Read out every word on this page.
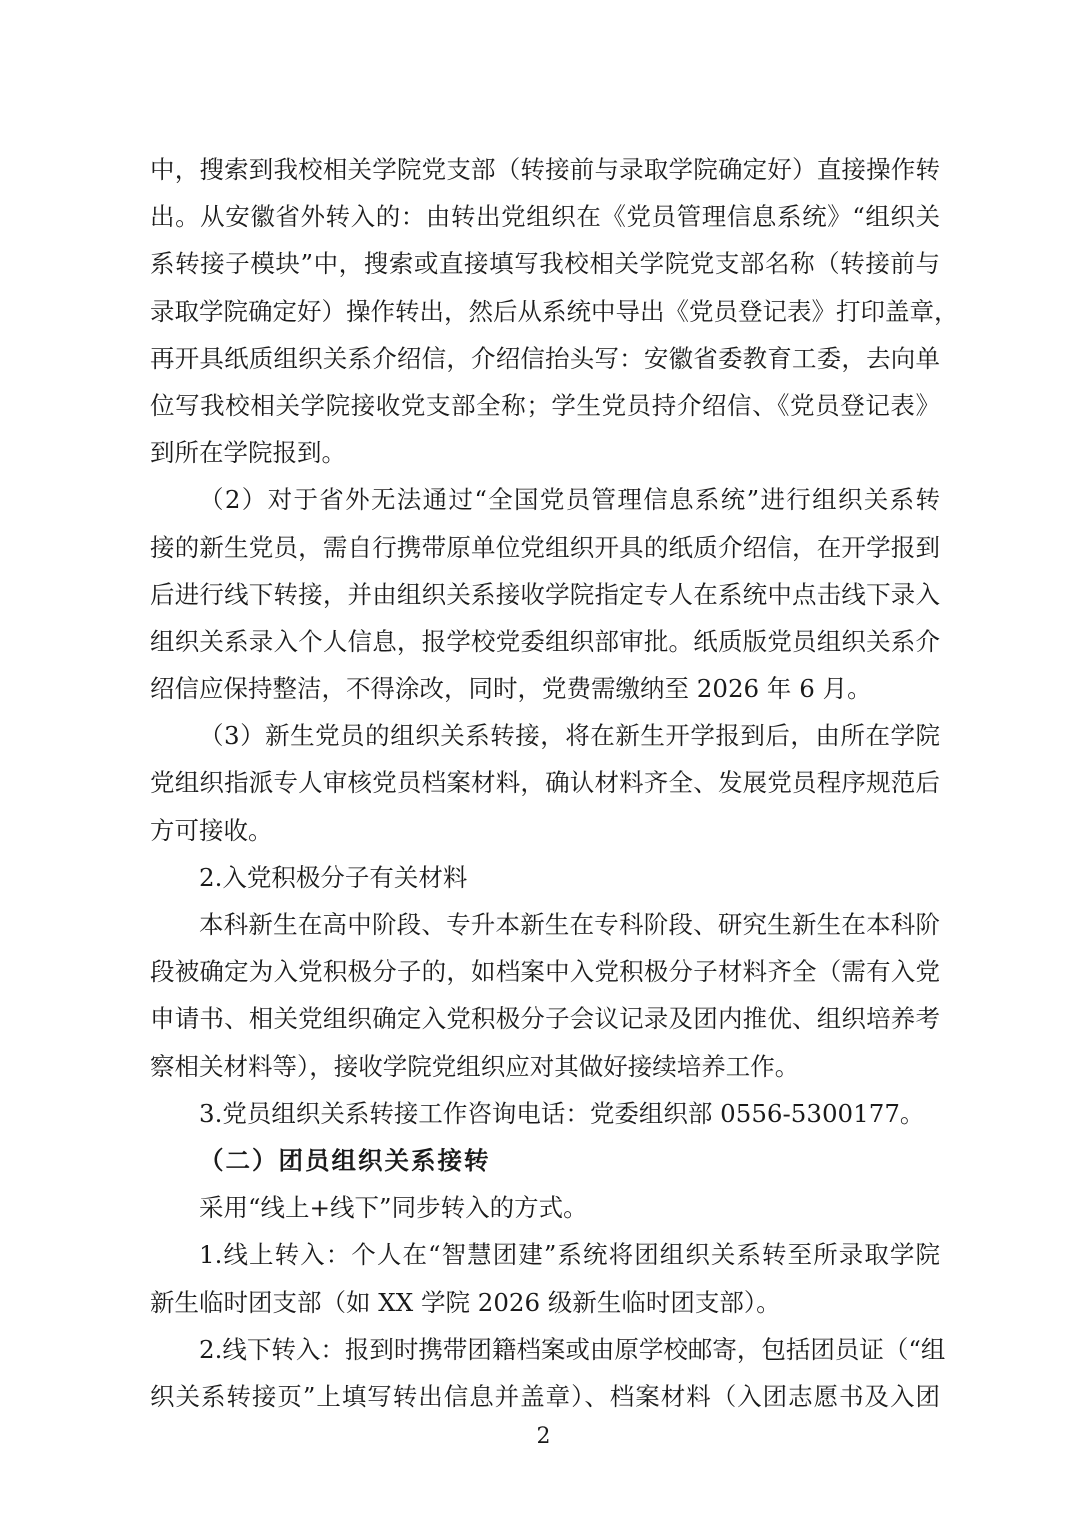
中，搜索到我校相关学院党支部（转接前与录取学院确定好）直接操作转
出。从安徽省外转入的：由转出党组织在《党员管理信息系统》“组织关
系转接子模块”中，搜索或直接填写我校相关学院党支部名称（转接前与
录取学院确定好）操作转出，然后从系统中导出《党员登记表》打印盖章，
再开具纸质组织关系介绍信，介绍信抬头写：安徽省委教育工委，去向单
位写我校相关学院接收党支部全称；学生党员持介绍信、《党员登记表》
到所在学院报到。
（2）对于省外无法通过“全国党员管理信息系统”进行组织关系转
接的新生党员，需自行携带原单位党组织开具的纸质介绍信，在开学报到
后进行线下转接，并由组织关系接收学院指定专人在系统中点击线下录入
组织关系录入个人信息，报学校党委组织部审批。纸质版党员组织关系介
绍信应保持整洁，不得涂改，同时，党费需缴纳至 2026 年 6 月。
（3）新生党员的组织关系转接，将在新生开学报到后，由所在学院
党组织指派专人审核党员档案材料，确认材料齐全、发展党员程序规范后
方可接收。
2.入党积极分子有关材料
本科新生在高中阶段、专升本新生在专科阶段、研究生新生在本科阶
段被确定为入党积极分子的，如档案中入党积极分子材料齐全（需有入党
申请书、相关党组织确定入党积极分子会议记录及团内推优、组织培养考
察相关材料等），接收学院党组织应对其做好接续培养工作。
3.党员组织关系转接工作咨询电话：党委组织部 0556-5300177。
（二）团员组织关系接转
采用“线上+线下”同步转入的方式。
1.线上转入：个人在“智慧团建”系统将团组织关系转至所录取学院
新生临时团支部（如 XX 学院 2026 级新生临时团支部）。
2.线下转入：报到时携带团籍档案或由原学校邮寄，包括团员证（“组
织关系转接页”上填写转出信息并盖章）、档案材料（入团志愿书及入团
2
